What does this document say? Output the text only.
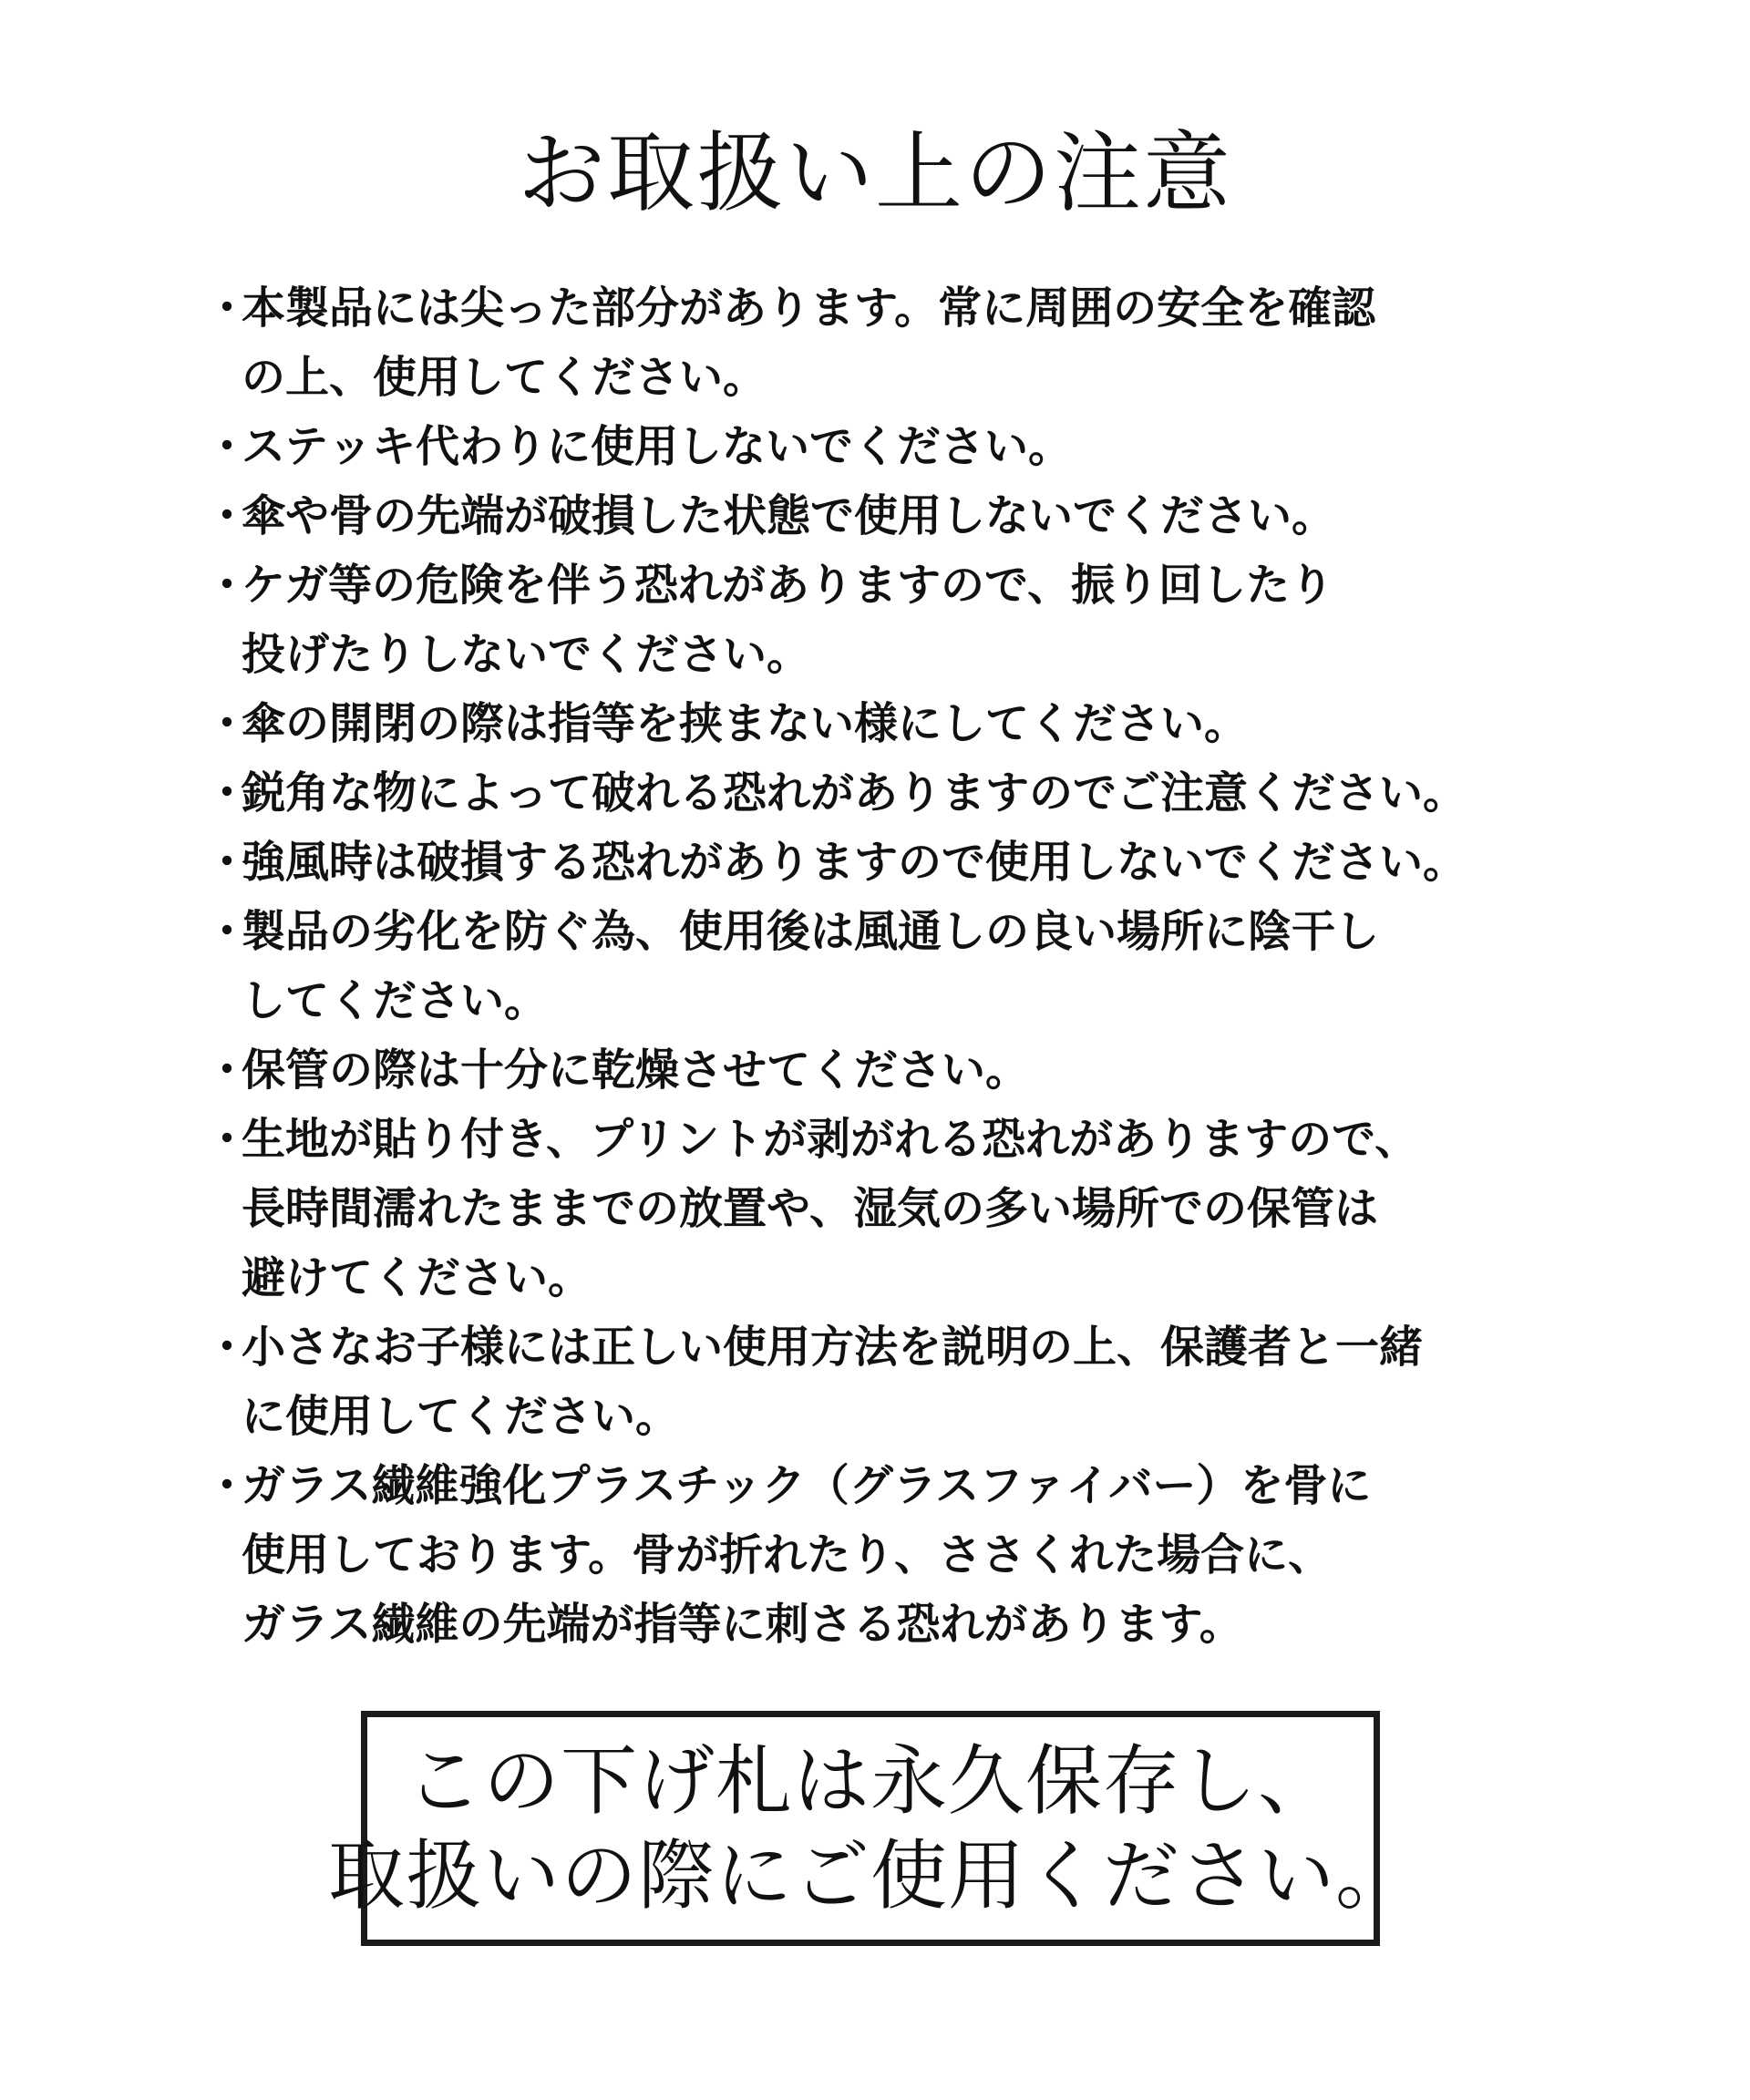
お取扱い上の注意
・
本製品には尖った部分があります。常に周囲の安全を確認
の上、使用してください。
・
ステッキ代わりに使用しないでください。
・
傘や骨の先端が破損した状態で使用しないでください。
・
ケガ等の危険を伴う恐れがありますので、振り回したり
投げたりしないでください。
・
傘の開閉の際は指等を挟まない様にしてください。
・
鋭角な物によって破れる恐れがありますのでご注意ください。
・
強風時は破損する恐れがありますので使用しないでください。
・
製品の劣化を防ぐ為、使用後は風通しの良い場所に陰干し
してください。
・
保管の際は十分に乾燥させてください。
・
生地が貼り付き、プリントが剥がれる恐れがありますので、
長時間濡れたままでの放置や、湿気の多い場所での保管は
避けてください。
・
小さなお子様には正しい使用方法を説明の上、保護者と一緒
に使用してください。
・
ガラス繊維強化プラスチック（グラスファイバー）を骨に
使用しております。骨が折れたり、ささくれた場合に、
ガラス繊維の先端が指等に刺さる恐れがあります。
この下げ札は永久保存し、
取扱いの際にご使用ください。
